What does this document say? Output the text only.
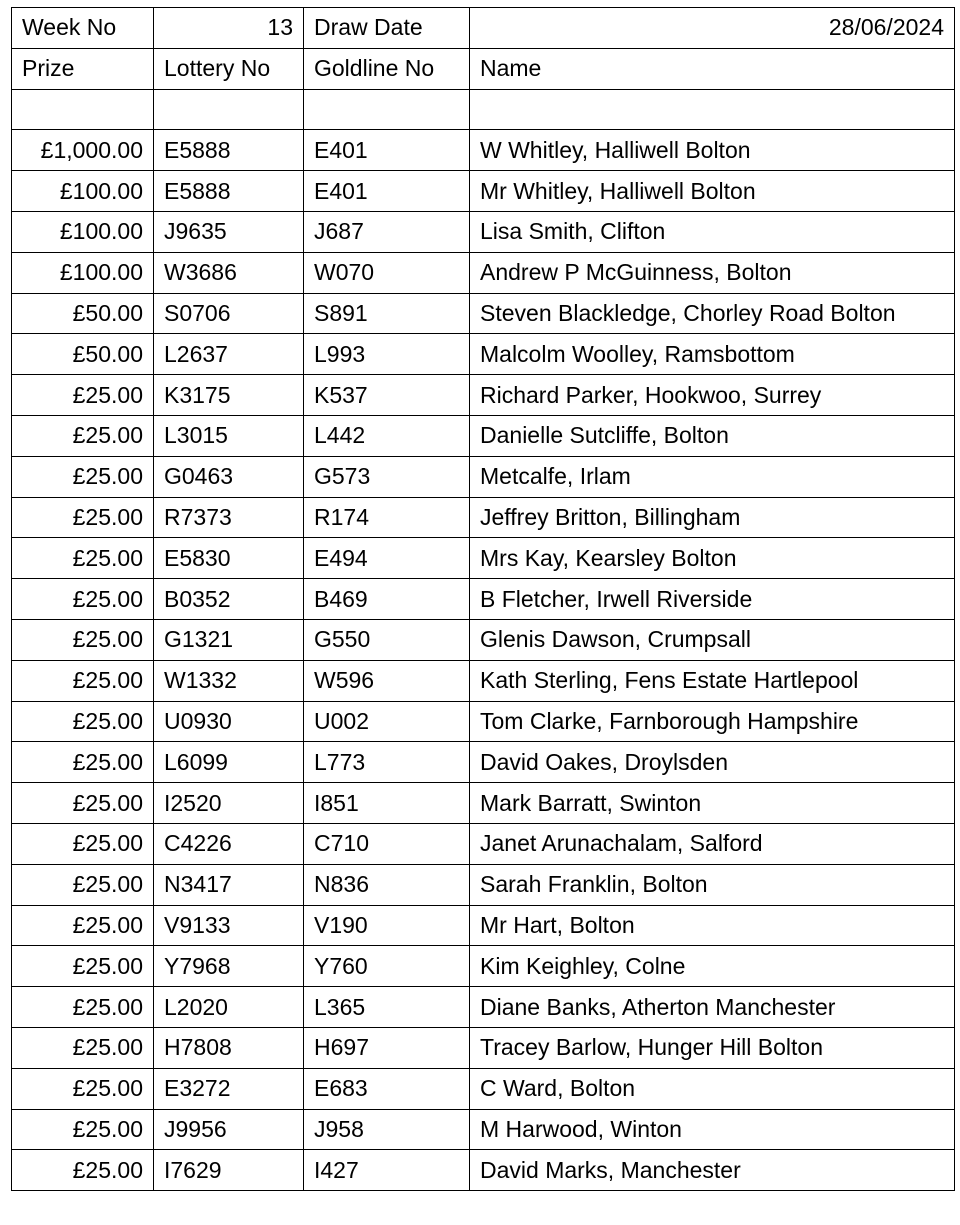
Week No	13	Draw Date	28/06/2024
Prize	Lottery No	Goldline No	Name

£1,000.00	E5888	E401	W Whitley, Halliwell Bolton
£100.00	E5888	E401	Mr Whitley, Halliwell Bolton
£100.00	J9635	J687	Lisa Smith, Clifton
£100.00	W3686	W070	Andrew P McGuinness, Bolton
£50.00	S0706	S891	Steven Blackledge, Chorley Road Bolton
£50.00	L2637	L993	Malcolm Woolley, Ramsbottom
£25.00	K3175	K537	Richard Parker, Hookwoo, Surrey
£25.00	L3015	L442	Danielle Sutcliffe, Bolton
£25.00	G0463	G573	Metcalfe, Irlam
£25.00	R7373	R174	Jeffrey Britton, Billingham
£25.00	E5830	E494	Mrs Kay, Kearsley Bolton
£25.00	B0352	B469	B Fletcher, Irwell Riverside
£25.00	G1321	G550	Glenis Dawson, Crumpsall
£25.00	W1332	W596	Kath Sterling, Fens Estate Hartlepool
£25.00	U0930	U002	Tom Clarke, Farnborough Hampshire
£25.00	L6099	L773	David Oakes, Droylsden
£25.00	I2520	I851	Mark Barratt, Swinton
£25.00	C4226	C710	Janet Arunachalam, Salford
£25.00	N3417	N836	Sarah Franklin, Bolton
£25.00	V9133	V190	Mr Hart, Bolton
£25.00	Y7968	Y760	Kim Keighley, Colne
£25.00	L2020	L365	Diane Banks, Atherton Manchester
£25.00	H7808	H697	Tracey Barlow, Hunger Hill Bolton
£25.00	E3272	E683	C Ward, Bolton
£25.00	J9956	J958	M Harwood, Winton
£25.00	I7629	I427	David Marks, Manchester
